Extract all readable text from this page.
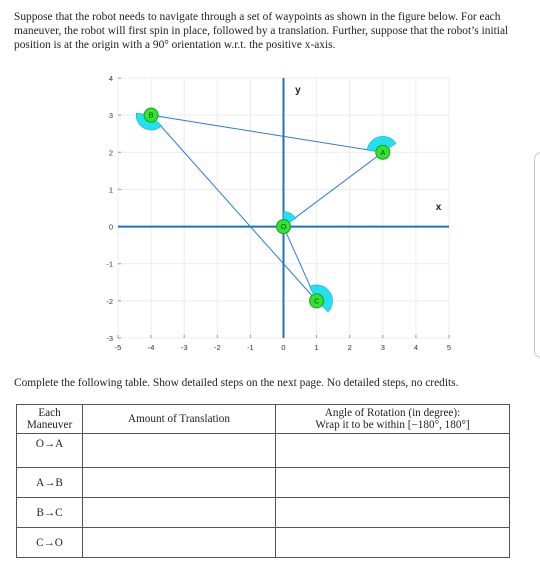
Suppose that the robot needs to navigate through a set of waypoints as shown in the figure below. For each maneuver, the robot will first spin in place, followed by a translation. Further, suppose that the robot’s initial position is at the origin with a 90° orientation w.r.t. the positive x-axis.
-5	-4	-3	-2	-1	0	1	2	3	4	5
-3
-2
-1
0
1
2
3
4
O
A
B
C
x
y
Complete the following table. Show detailed steps on the next page. No detailed steps, no credits.
Each Maneuver	Amount of Translation	Angle of Rotation (in degree):
Wrap it to be within [−180°, 180°]
O→A		
A→B		
B→C		
C→O		
